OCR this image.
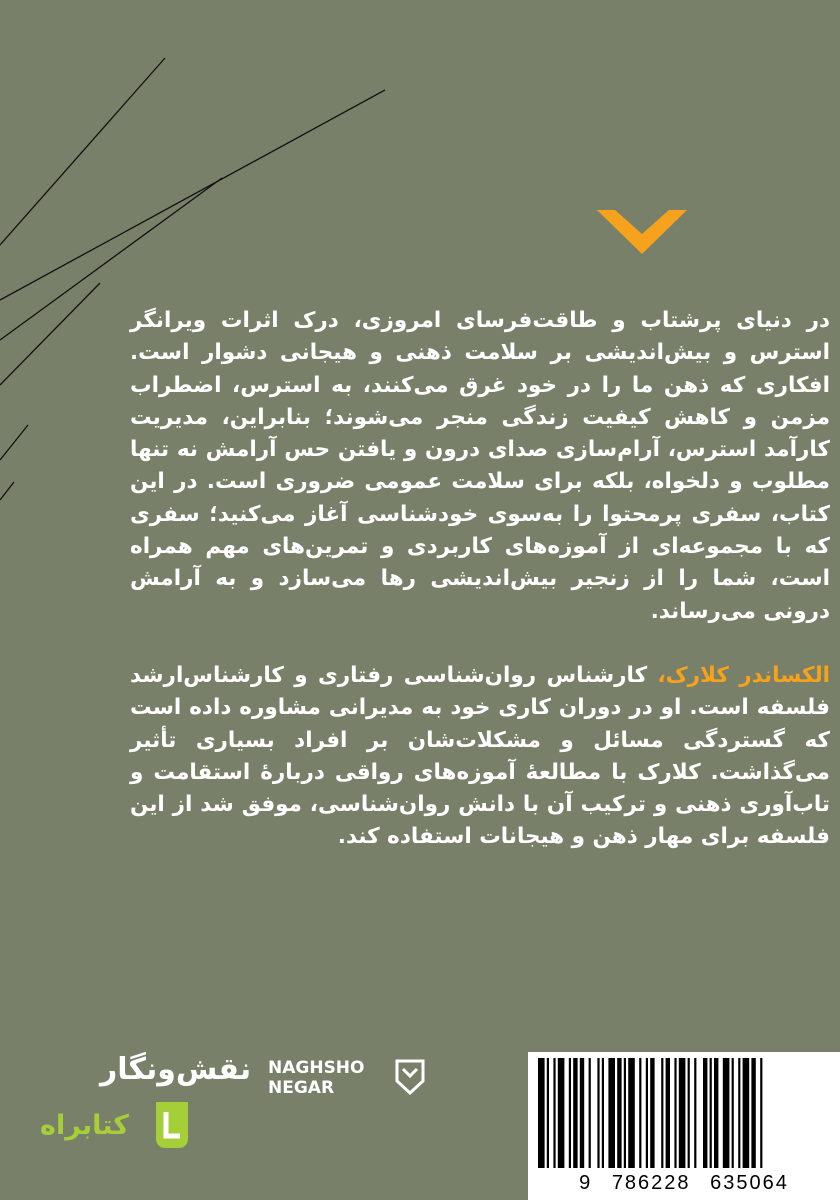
در دنیای پرشتاب و طاقت‌فرسای امروزی، درک اثرات ویرانگر استرس و بیش‌اندیشی بر سلامت ذهنی و هیجانی دشوار است. افکاری که ذهن ما را در خود غرق می‌کنند، به استرس، اضطراب مزمن و کاهش کیفیت زندگی منجر می‌شوند؛ بنابراین، مدیریت کارآمد استرس، آرام‌سازی صدای درون و یافتن حس آرامش نه تنها مطلوب و دلخواه، بلکه برای سلامت عمومی ضروری است. در این کتاب، سفری پرمحتوا را به‌سوی خودشناسی آغاز می‌کنید؛ سفری که با مجموعه‌ای از آموزه‌های کاربردی و تمرین‌های مهم همراه است، شما را از زنجیر بیش‌اندیشی رها می‌سازد و به آرامش درونی می‌رساند.

الکساندر کلارک، کارشناس روان‌شناسی رفتاری و کارشناس‌ارشد فلسفه است. او در دوران کاری خود به مدیرانی مشاوره داده است که گستردگی مسائل و مشکلات‌شان بر افراد بسیاری تأثیر می‌گذاشت. کلارک با مطالعهٔ آموزه‌های رواقی دربارهٔ استقامت و تاب‌آوری ذهنی و ترکیب آن با دانش روان‌شناسی، موفق شد از این فلسفه برای مهار ذهن و هیجانات استفاده کند.

نقش‌ونگار NAGHSHO
NEGAR
کتابراه
9 786228 635064
